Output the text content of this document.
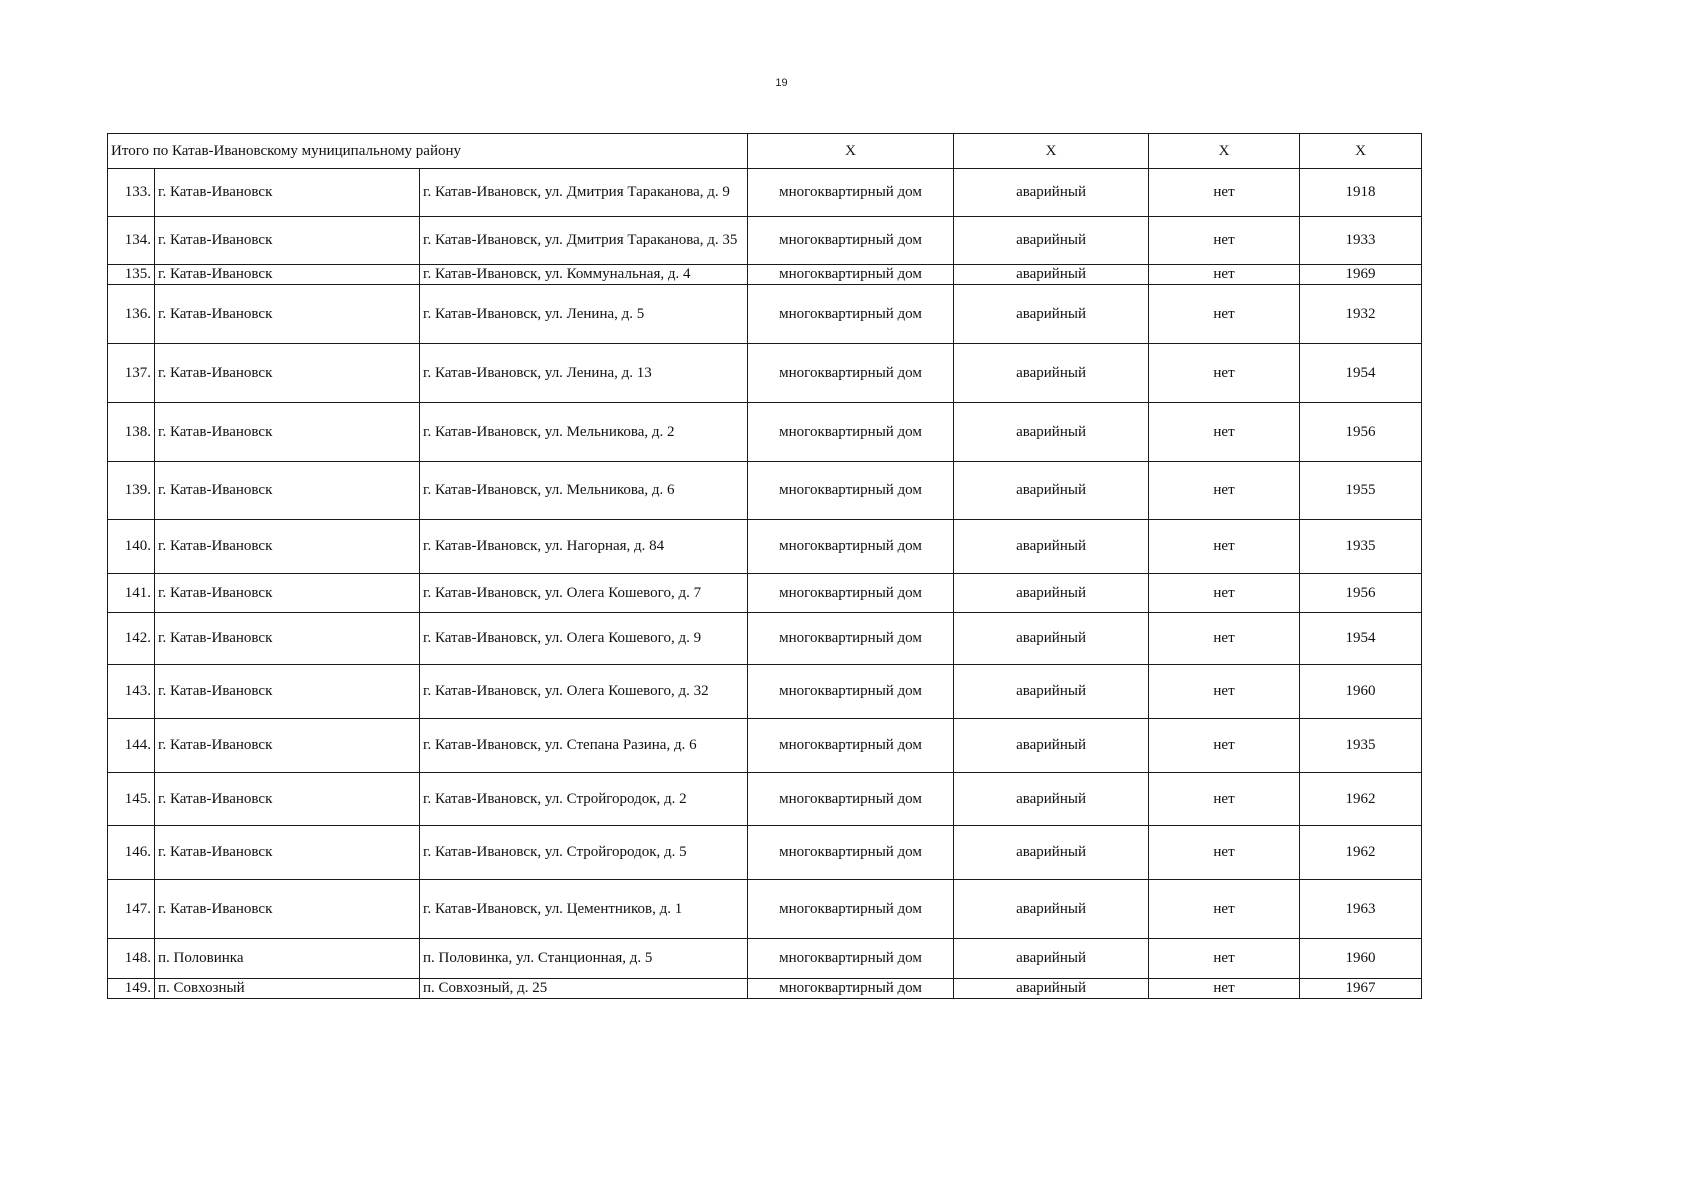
19
Итого по Катав-Ивановскому муниципальному району			X	X	X	X
133.	г. Катав-Ивановск	г. Катав-Ивановск, ул. Дмитрия Тараканова, д. 9	многоквартирный дом	аварийный	нет	1918
134.	г. Катав-Ивановск	г. Катав-Ивановск, ул. Дмитрия Тараканова, д. 35	многоквартирный дом	аварийный	нет	1933
135.	г. Катав-Ивановск	г. Катав-Ивановск, ул. Коммунальная, д. 4	многоквартирный дом	аварийный	нет	1969
136.	г. Катав-Ивановск	г. Катав-Ивановск, ул. Ленина, д. 5	многоквартирный дом	аварийный	нет	1932
137.	г. Катав-Ивановск	г. Катав-Ивановск, ул. Ленина, д. 13	многоквартирный дом	аварийный	нет	1954
138.	г. Катав-Ивановск	г. Катав-Ивановск, ул. Мельникова, д. 2	многоквартирный дом	аварийный	нет	1956
139.	г. Катав-Ивановск	г. Катав-Ивановск, ул. Мельникова, д. 6	многоквартирный дом	аварийный	нет	1955
140.	г. Катав-Ивановск	г. Катав-Ивановск, ул. Нагорная, д. 84	многоквартирный дом	аварийный	нет	1935
141.	г. Катав-Ивановск	г. Катав-Ивановск, ул. Олега Кошевого, д. 7	многоквартирный дом	аварийный	нет	1956
142.	г. Катав-Ивановск	г. Катав-Ивановск, ул. Олега Кошевого, д. 9	многоквартирный дом	аварийный	нет	1954
143.	г. Катав-Ивановск	г. Катав-Ивановск, ул. Олега Кошевого, д. 32	многоквартирный дом	аварийный	нет	1960
144.	г. Катав-Ивановск	г. Катав-Ивановск, ул. Степана Разина, д. 6	многоквартирный дом	аварийный	нет	1935
145.	г. Катав-Ивановск	г. Катав-Ивановск, ул. Стройгородок, д. 2	многоквартирный дом	аварийный	нет	1962
146.	г. Катав-Ивановск	г. Катав-Ивановск, ул. Стройгородок, д. 5	многоквартирный дом	аварийный	нет	1962
147.	г. Катав-Ивановск	г. Катав-Ивановск, ул. Цементников, д. 1	многоквартирный дом	аварийный	нет	1963
148.	п. Половинка	п. Половинка, ул. Станционная, д. 5	многоквартирный дом	аварийный	нет	1960
149.	п. Совхозный	п. Совхозный, д. 25	многоквартирный дом	аварийный	нет	1967
